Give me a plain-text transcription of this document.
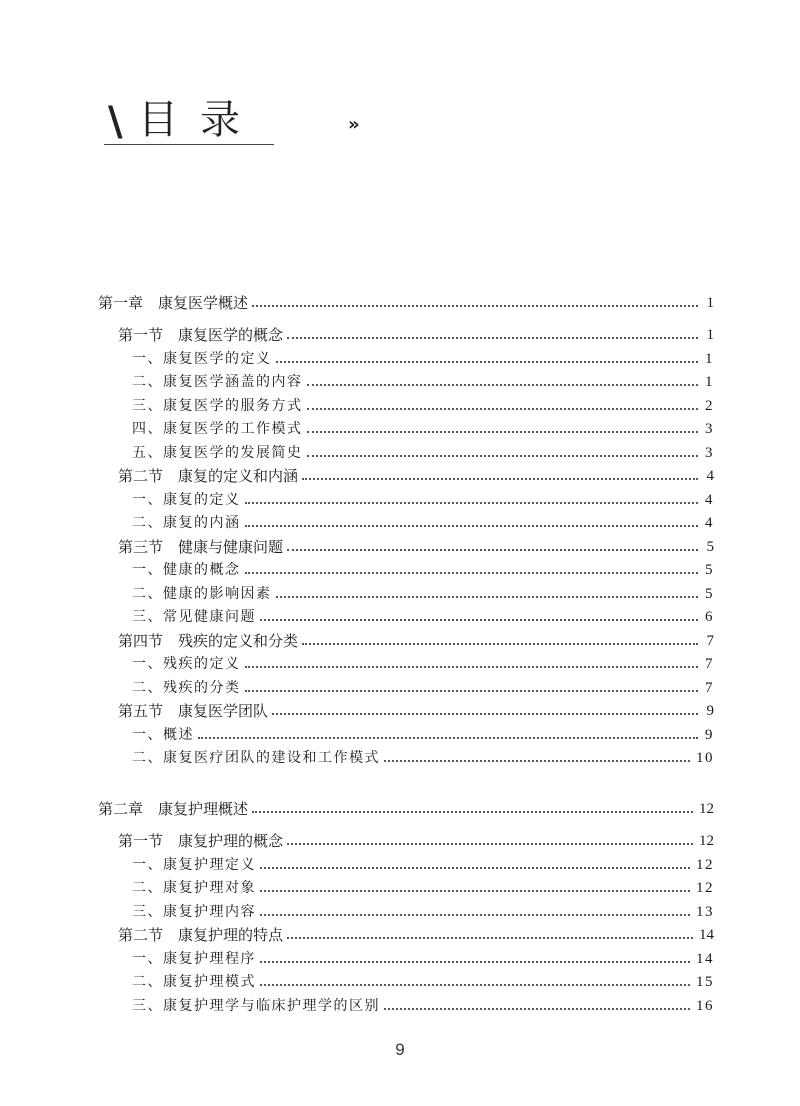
\ 目录	»
第一章　康复医学概述	1
第一节　康复医学的概念	1
一、康复医学的定义	1
二、康复医学涵盖的内容	1
三、康复医学的服务方式	2
四、康复医学的工作模式	3
五、康复医学的发展简史	3
第二节　康复的定义和内涵	4
一、康复的定义	4
二、康复的内涵	4
第三节　健康与健康问题	5
一、健康的概念	5
二、健康的影响因素	5
三、常见健康问题	6
第四节　残疾的定义和分类	7
一、残疾的定义	7
二、残疾的分类	7
第五节　康复医学团队	9
一、概述	9
二、康复医疗团队的建设和工作模式	10
第二章　康复护理概述	12
第一节　康复护理的概念	12
一、康复护理定义	12
二、康复护理对象	12
三、康复护理内容	13
第二节　康复护理的特点	14
一、康复护理程序	14
二、康复护理模式	15
三、康复护理学与临床护理学的区别	16
9
